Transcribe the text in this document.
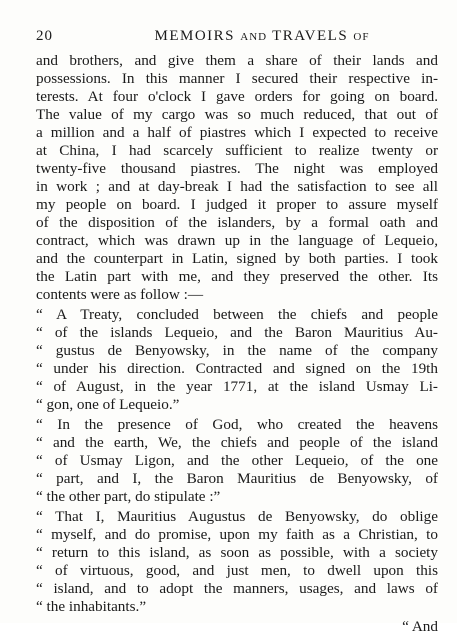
20	MEMOIRS AND TRAVELS OF
and brothers, and give them a share of their lands and
possessions. In this manner I secured their respective in-
terests. At four o'clock I gave orders for going on board.
The value of my cargo was so much reduced, that out of
a million and a half of piastres which I expected to receive
at China, I had scarcely sufficient to realize twenty or
twenty-five thousand piastres. The night was employed
in work ; and at day-break I had the satisfaction to see all
my people on board. I judged it proper to assure myself
of the disposition of the islanders, by a formal oath and
contract, which was drawn up in the language of Lequeio,
and the counterpart in Latin, signed by both parties. I took
the Latin part with me, and they preserved the other. Its
contents were as follow :—
“ A Treaty, concluded between the chiefs and people
“ of the islands Lequeio, and the Baron Mauritius Au-
“ gustus de Benyowsky, in the name of the company
“ under his direction. Contracted and signed on the 19th
“ of August, in the year 1771, at the island Usmay Li-
“ gon, one of Lequeio.”
“ In the presence of God, who created the heavens
“ and the earth, We, the chiefs and people of the island
“ of Usmay Ligon, and the other Lequeio, of the one
“ part, and I, the Baron Mauritius de Benyowsky, of
“ the other part, do stipulate :”
“ That I, Mauritius Augustus de Benyowsky, do oblige
“ myself, and do promise, upon my faith as a Christian, to
“ return to this island, as soon as possible, with a society
“ of virtuous, good, and just men, to dwell upon this
“ island, and to adopt the manners, usages, and laws of
“ the inhabitants.”
“ And
